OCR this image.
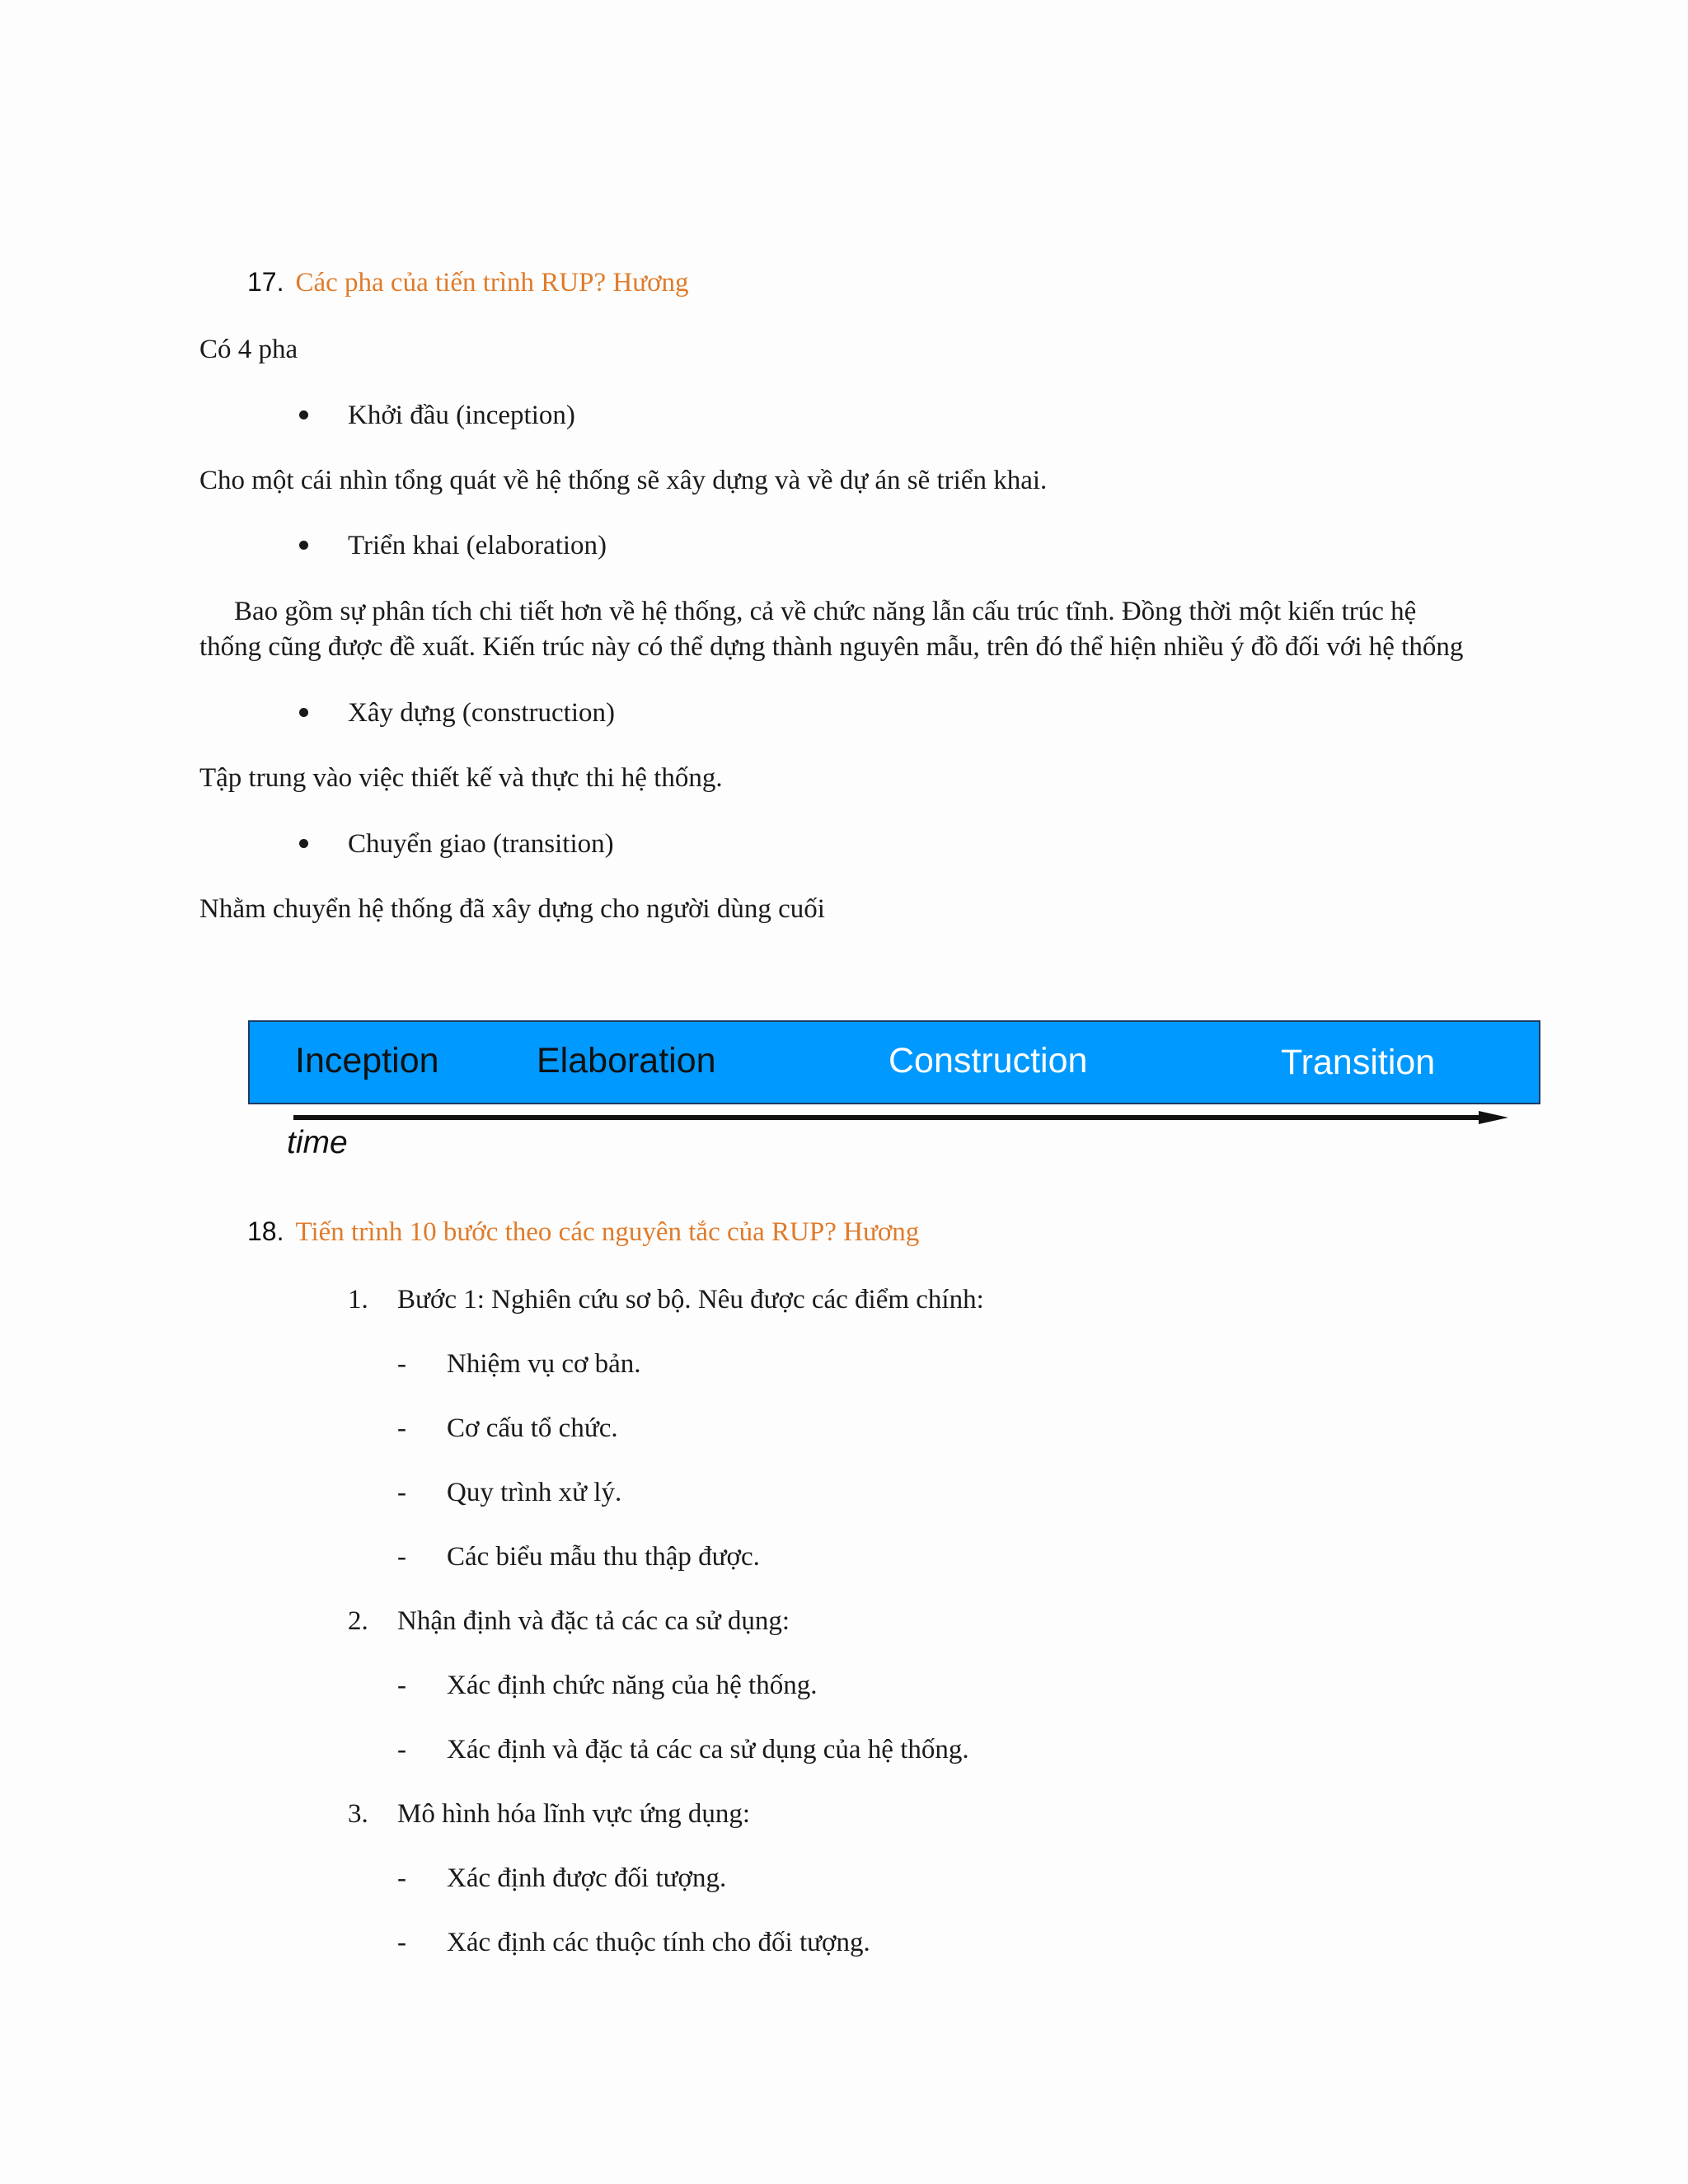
17. Các pha của tiến trình RUP? Hương
Có 4 pha
Khởi đầu (inception)
Cho một cái nhìn tổng quát về hệ thống sẽ xây dựng và về dự án sẽ triển khai.
Triển khai (elaboration)
Bao gồm sự phân tích chi tiết hơn về hệ thống, cả về chức năng lẫn cấu trúc tĩnh. Đồng thời một kiến trúc hệ
thống cũng được đề xuất. Kiến trúc này có thể dựng thành nguyên mẫu, trên đó thể hiện nhiều ý đồ đối với hệ thống
Xây dựng (construction)
Tập trung vào việc thiết kế và thực thi hệ thống.
Chuyển giao (transition)
Nhằm chuyển hệ thống đã xây dựng cho người dùng cuối
Inception	Elaboration	Construction	Transition
time
18. Tiến trình 10 bước theo các nguyên tắc của RUP? Hương
1. Bước 1: Nghiên cứu sơ bộ. Nêu được các điểm chính:
- Nhiệm vụ cơ bản.
- Cơ cấu tổ chức.
- Quy trình xử lý.
- Các biểu mẫu thu thập được.
2. Nhận định và đặc tả các ca sử dụng:
- Xác định chức năng của hệ thống.
- Xác định và đặc tả các ca sử dụng của hệ thống.
3. Mô hình hóa lĩnh vực ứng dụng:
- Xác định được đối tượng.
- Xác định các thuộc tính cho đối tượng.
